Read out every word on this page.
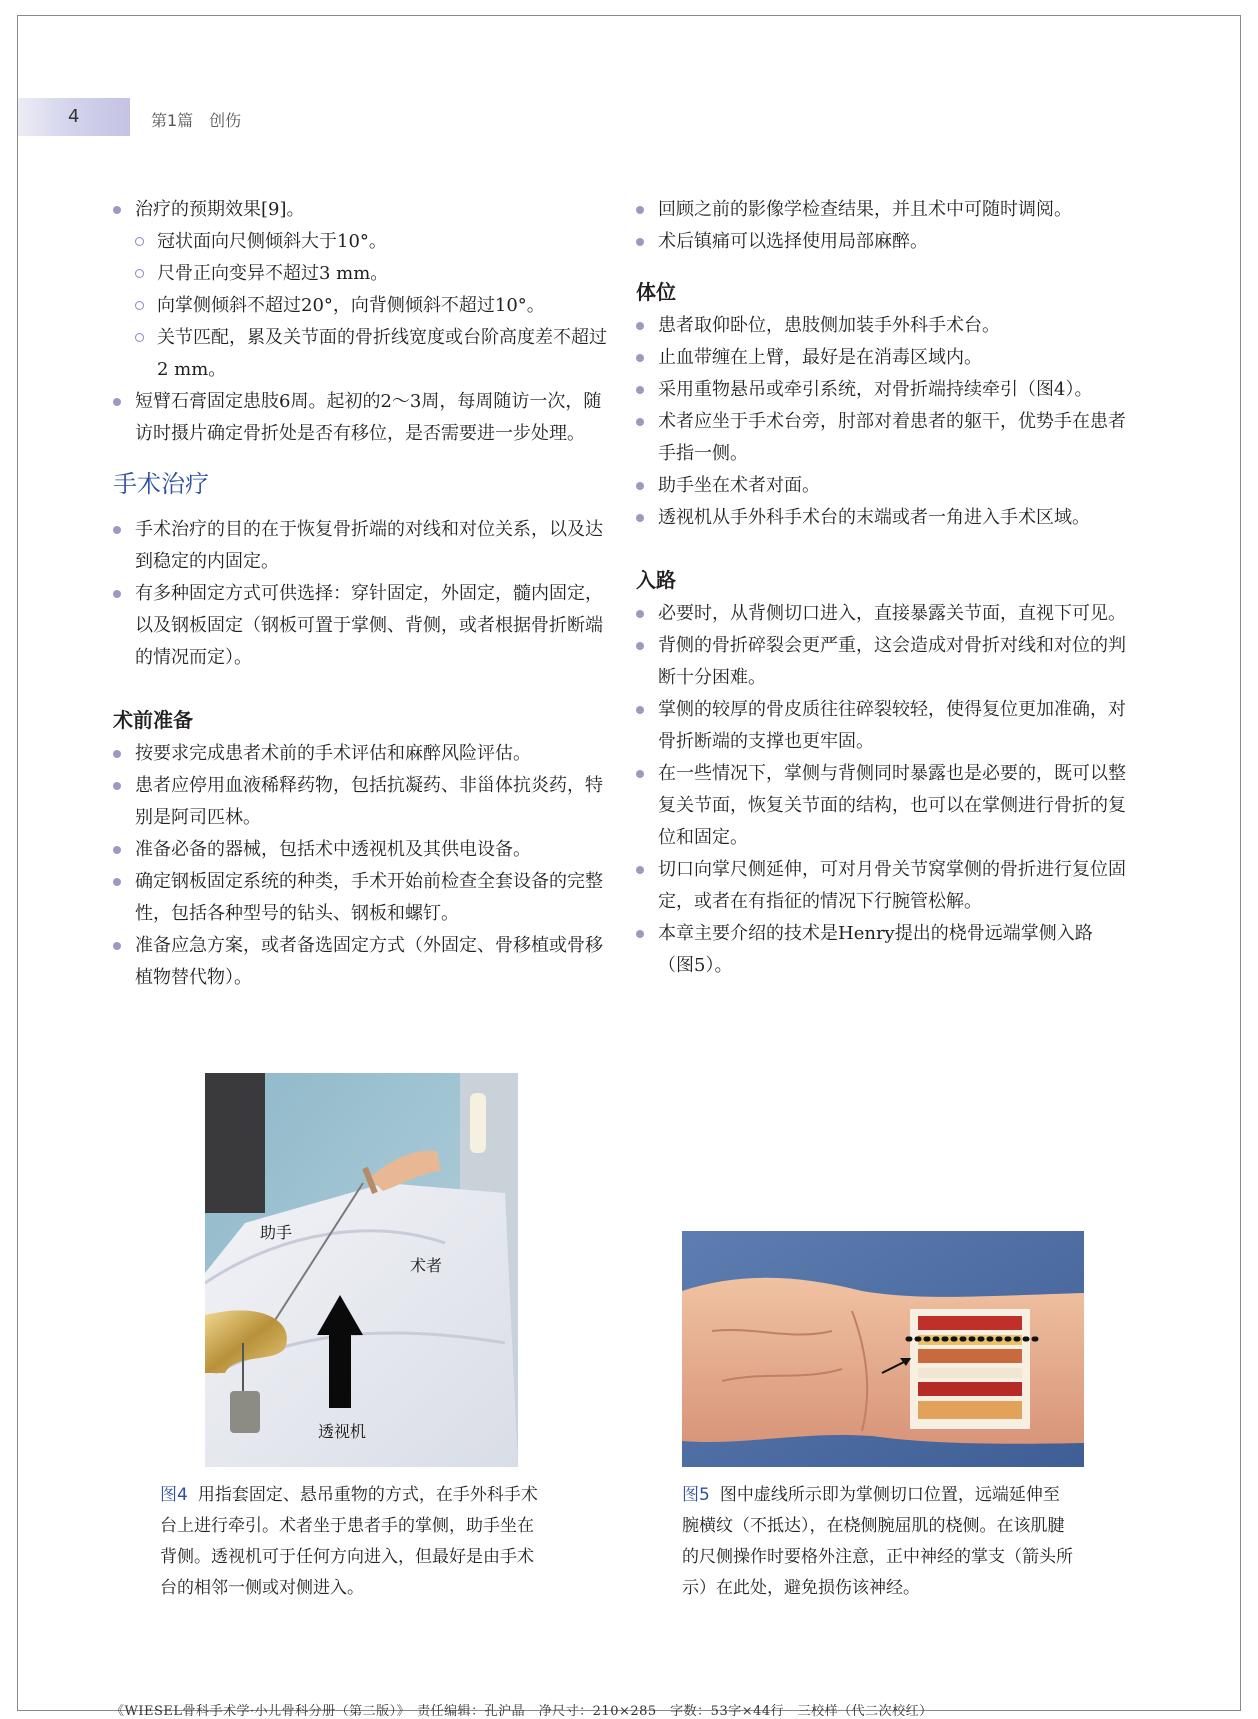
4	第1篇　创伤
治疗的预期效果[9]。
冠状面向尺侧倾斜大于10°。
尺骨正向变异不超过3 mm。
向掌侧倾斜不超过20°，向背侧倾斜不超过10°。
关节匹配，累及关节面的骨折线宽度或台阶高度差不超过2 mm。
短臂石膏固定患肢6周。起初的2～3周，每周随访一次，随访时摄片确定骨折处是否有移位，是否需要进一步处理。
手术治疗
手术治疗的目的在于恢复骨折端的对线和对位关系，以及达到稳定的内固定。
有多种固定方式可供选择：穿针固定，外固定，髓内固定，以及钢板固定（钢板可置于掌侧、背侧，或者根据骨折断端的情况而定）。
术前准备
按要求完成患者术前的手术评估和麻醉风险评估。
患者应停用血液稀释药物，包括抗凝药、非甾体抗炎药，特别是阿司匹林。
准备必备的器械，包括术中透视机及其供电设备。
确定钢板固定系统的种类，手术开始前检查全套设备的完整性，包括各种型号的钻头、钢板和螺钉。
准备应急方案，或者备选固定方式（外固定、骨移植或骨移植物替代物）。
回顾之前的影像学检查结果，并且术中可随时调阅。
术后镇痛可以选择使用局部麻醉。
体位
患者取仰卧位，患肢侧加装手外科手术台。
止血带缠在上臂，最好是在消毒区域内。
采用重物悬吊或牵引系统，对骨折端持续牵引（图4）。
术者应坐于手术台旁，肘部对着患者的躯干，优势手在患者手指一侧。
助手坐在术者对面。
透视机从手外科手术台的末端或者一角进入手术区域。
入路
必要时，从背侧切口进入，直接暴露关节面，直视下可见。
背侧的骨折碎裂会更严重，这会造成对骨折对线和对位的判断十分困难。
掌侧的较厚的骨皮质往往碎裂较轻，使得复位更加准确，对骨折断端的支撑也更牢固。
在一些情况下，掌侧与背侧同时暴露也是必要的，既可以整复关节面，恢复关节面的结构，也可以在掌侧进行骨折的复位和固定。
切口向掌尺侧延伸，可对月骨关节窝掌侧的骨折进行复位固定，或者在有指征的情况下行腕管松解。
本章主要介绍的技术是Henry提出的桡骨远端掌侧入路（图5）。
助手
术者
透视机
图4 用指套固定、悬吊重物的方式，在手外科手术
台上进行牵引。术者坐于患者手的掌侧，助手坐在
背侧。透视机可于任何方向进入，但最好是由手术
台的相邻一侧或对侧进入。
图5 图中虚线所示即为掌侧切口位置，远端延伸至
腕横纹（不抵达），在桡侧腕屈肌的桡侧。在该肌腱
的尺侧操作时要格外注意，正中神经的掌支（箭头所
示）在此处，避免损伤该神经。
《WIESEL骨科手术学·小儿骨科分册（第二版）》　责任编辑：孔沪晶　净尺寸：210×285　字数：53字×44行　三校样（代二次校红）
